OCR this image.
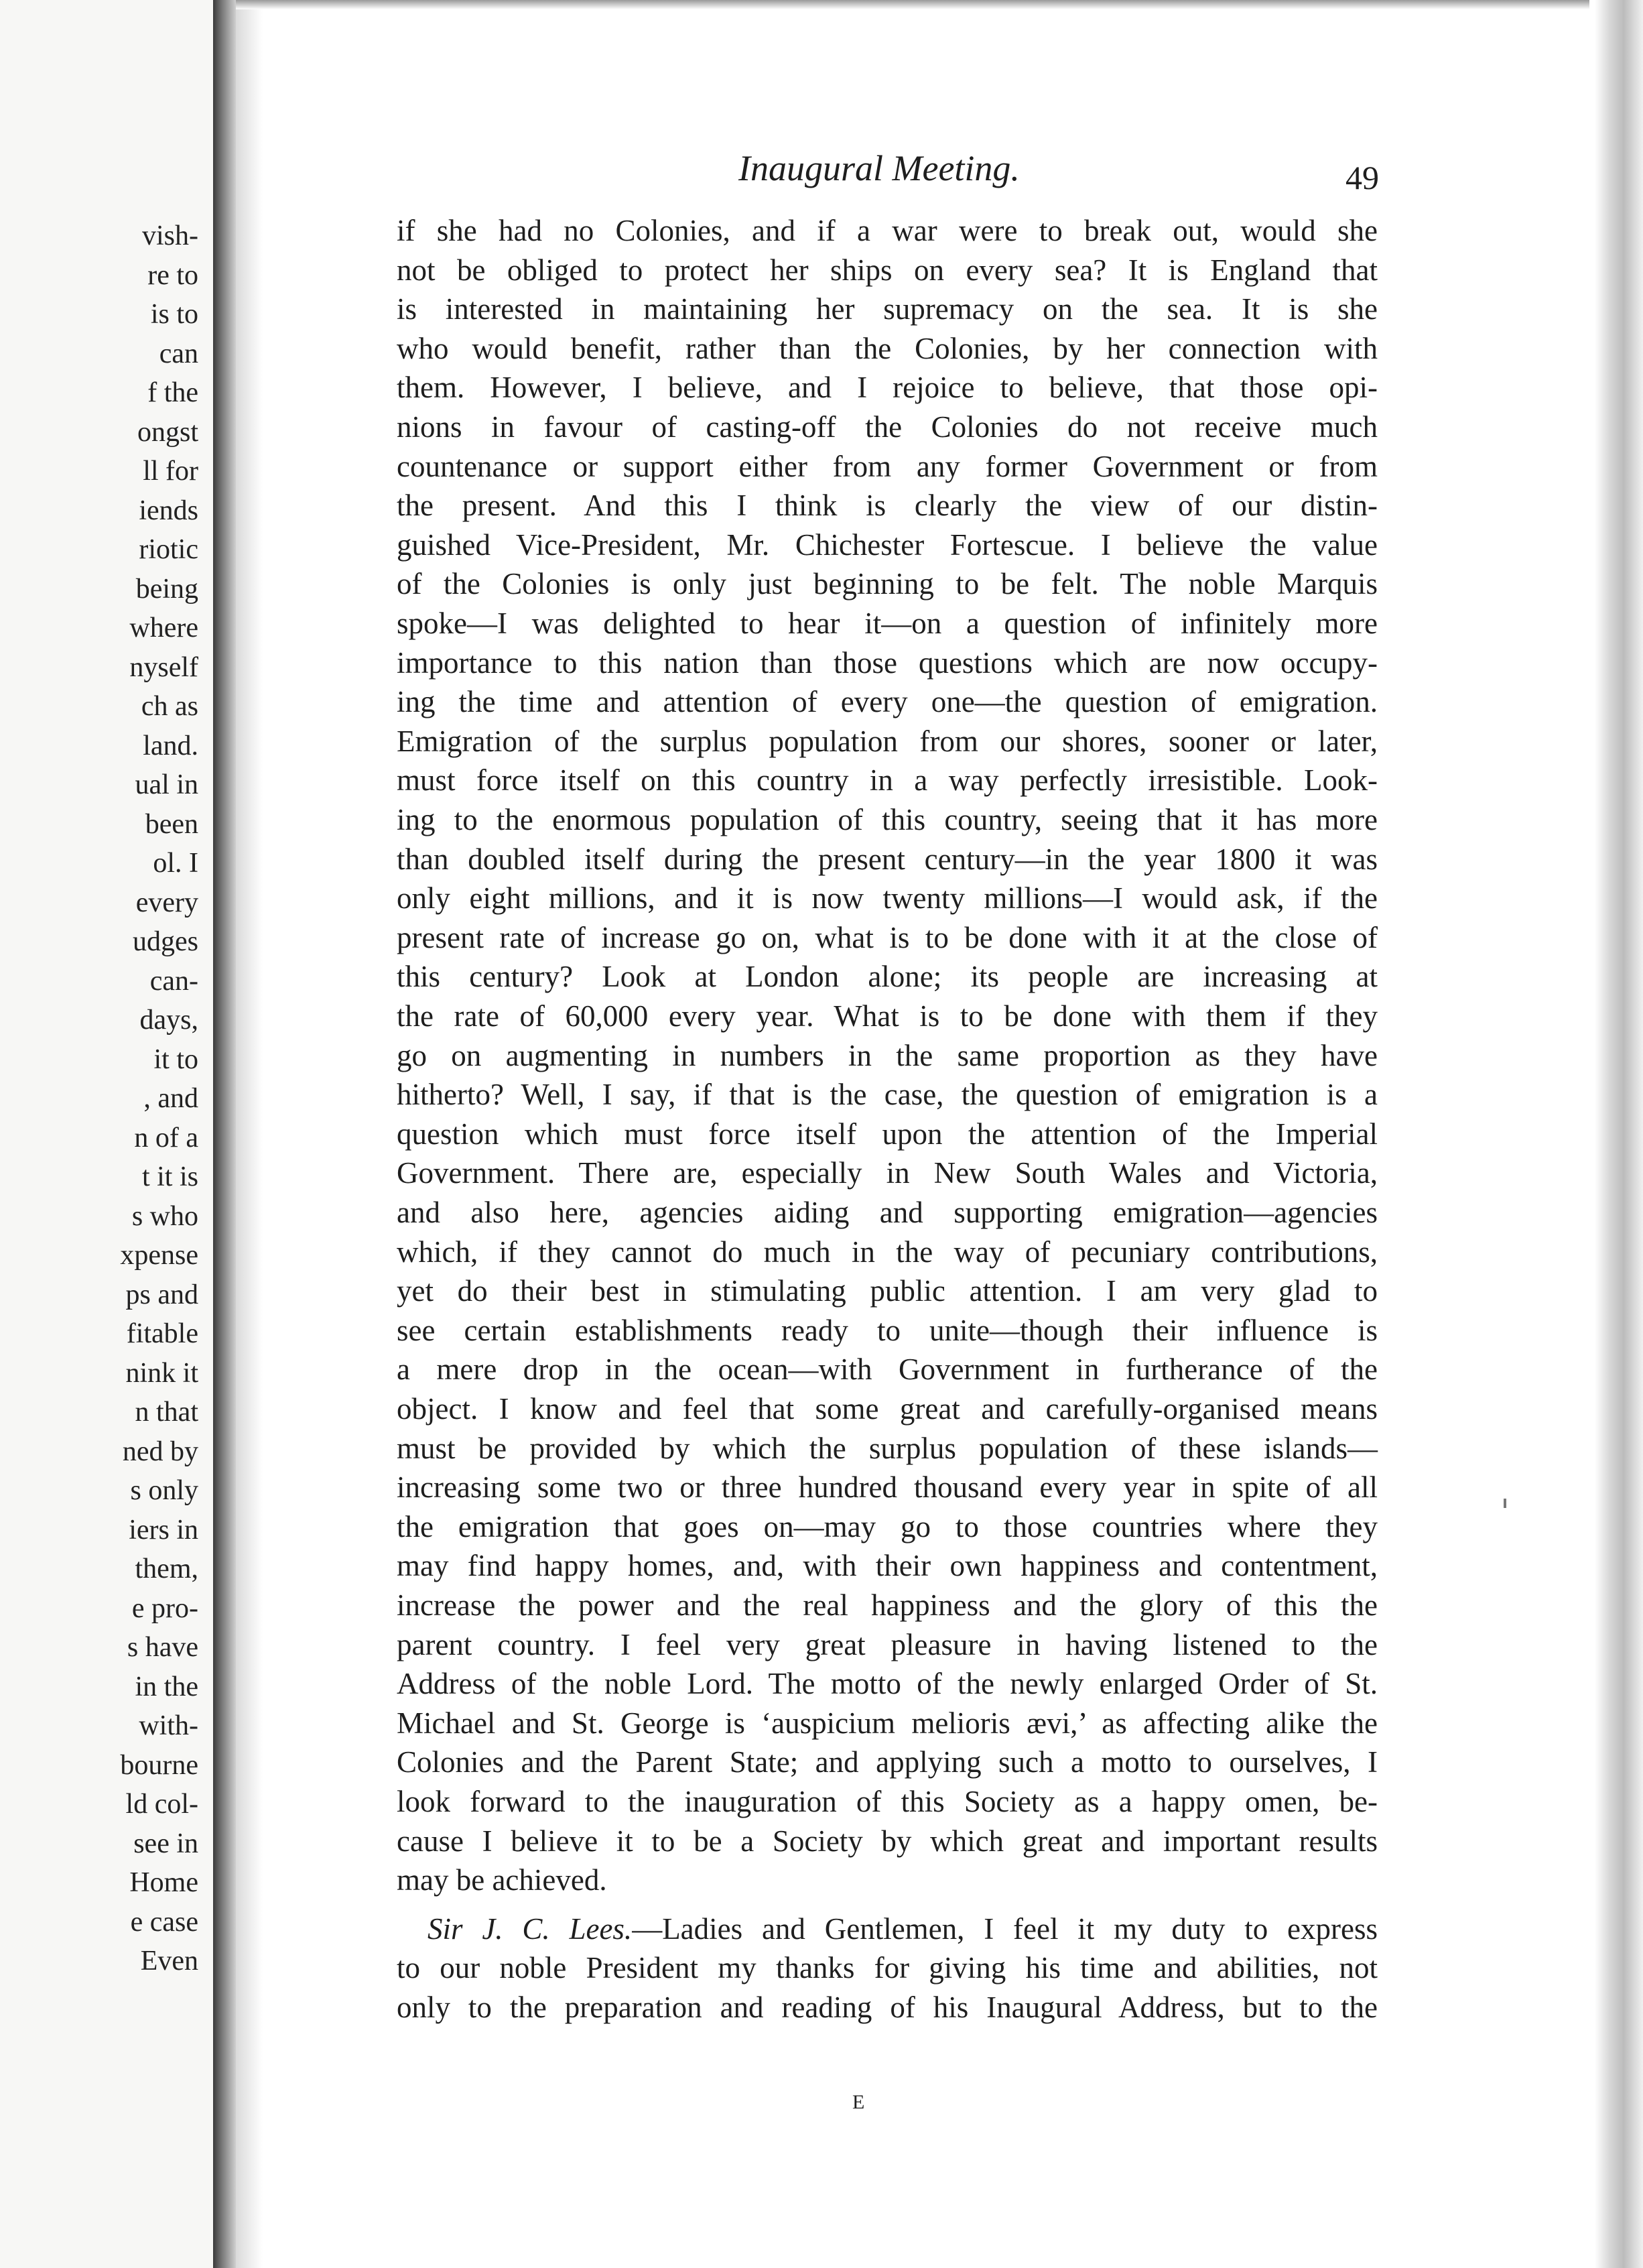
vish-
re to
is to
can
f the
ongst
ll for
iends
riotic
being
where
nyself
ch as
land.
ual in
been
ol. I
every
udges
can-
days,
it to
, and
n of a
t it is
s who
xpense
ps and
fitable
nink it
n that
ned by
s only
iers in
them,
e pro-
s have
in the
with-
bourne
ld col-
see in
Home
e case
Even
Inaugural Meeting.	49
if she had no Colonies, and if a war were to break out, would she
not be obliged to protect her ships on every sea? It is England that
is interested in maintaining her supremacy on the sea. It is she
who would benefit, rather than the Colonies, by her connection with
them. However, I believe, and I rejoice to believe, that those opi-
nions in favour of casting-off the Colonies do not receive much
countenance or support either from any former Government or from
the present. And this I think is clearly the view of our distin-
guished Vice-President, Mr. Chichester Fortescue. I believe the value
of the Colonies is only just beginning to be felt. The noble Marquis
spoke—I was delighted to hear it—on a question of infinitely more
importance to this nation than those questions which are now occupy-
ing the time and attention of every one—the question of emigration.
Emigration of the surplus population from our shores, sooner or later,
must force itself on this country in a way perfectly irresistible. Look-
ing to the enormous population of this country, seeing that it has more
than doubled itself during the present century—in the year 1800 it was
only eight millions, and it is now twenty millions—I would ask, if the
present rate of increase go on, what is to be done with it at the close of
this century? Look at London alone; its people are increasing at
the rate of 60,000 every year. What is to be done with them if they
go on augmenting in numbers in the same proportion as they have
hitherto? Well, I say, if that is the case, the question of emigration is a
question which must force itself upon the attention of the Imperial
Government. There are, especially in New South Wales and Victoria,
and also here, agencies aiding and supporting emigration—agencies
which, if they cannot do much in the way of pecuniary contributions,
yet do their best in stimulating public attention. I am very glad to
see certain establishments ready to unite—though their influence is
a mere drop in the ocean—with Government in furtherance of the
object. I know and feel that some great and carefully-organised means
must be provided by which the surplus population of these islands—
increasing some two or three hundred thousand every year in spite of all
the emigration that goes on—may go to those countries where they
may find happy homes, and, with their own happiness and contentment,
increase the power and the real happiness and the glory of this the
parent country. I feel very great pleasure in having listened to the
Address of the noble Lord. The motto of the newly enlarged Order of St.
Michael and St. George is ‘auspicium melioris ævi,’ as affecting alike the
Colonies and the Parent State; and applying such a motto to ourselves, I
look forward to the inauguration of this Society as a happy omen, be-
cause I believe it to be a Society by which great and important results
may be achieved.
Sir J. C. Lees.—Ladies and Gentlemen, I feel it my duty to express
to our noble President my thanks for giving his time and abilities, not
only to the preparation and reading of his Inaugural Address, but to the
E
